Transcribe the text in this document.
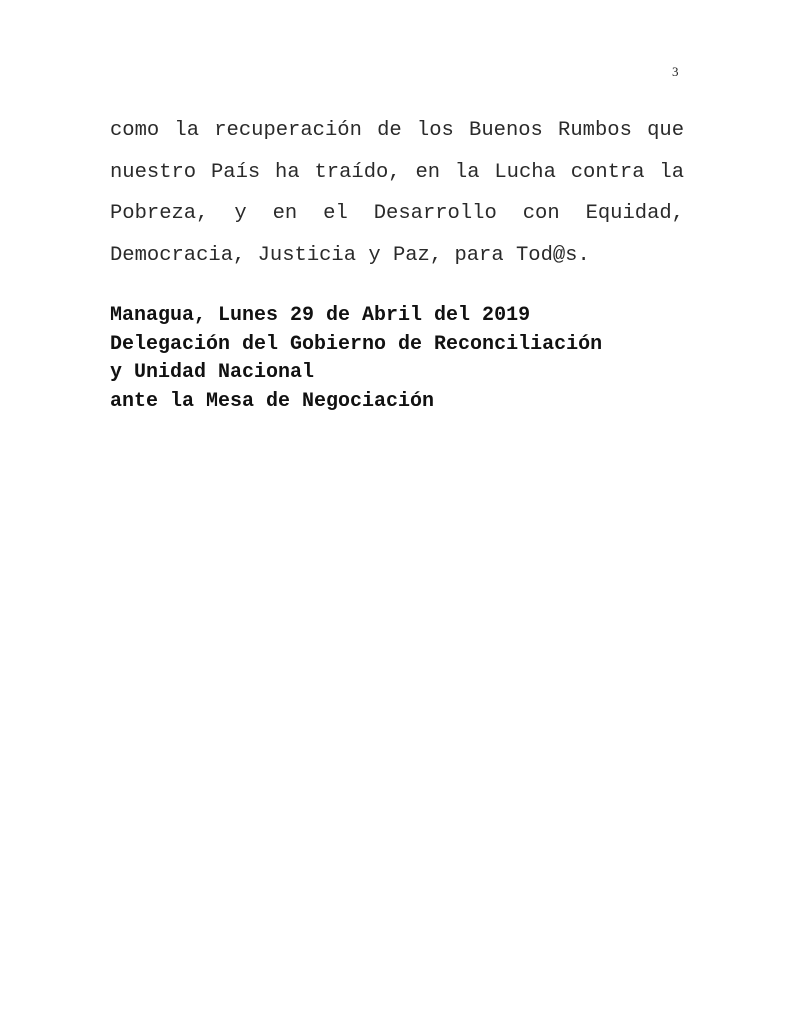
3
como la recuperación de los Buenos Rumbos que
nuestro País ha traído, en la Lucha contra la
Pobreza, y en el Desarrollo con Equidad,
Democracia, Justicia y Paz, para Tod@s.
Managua, Lunes 29 de Abril del 2019
Delegación del Gobierno de Reconciliación
y Unidad Nacional
ante la Mesa de Negociación
